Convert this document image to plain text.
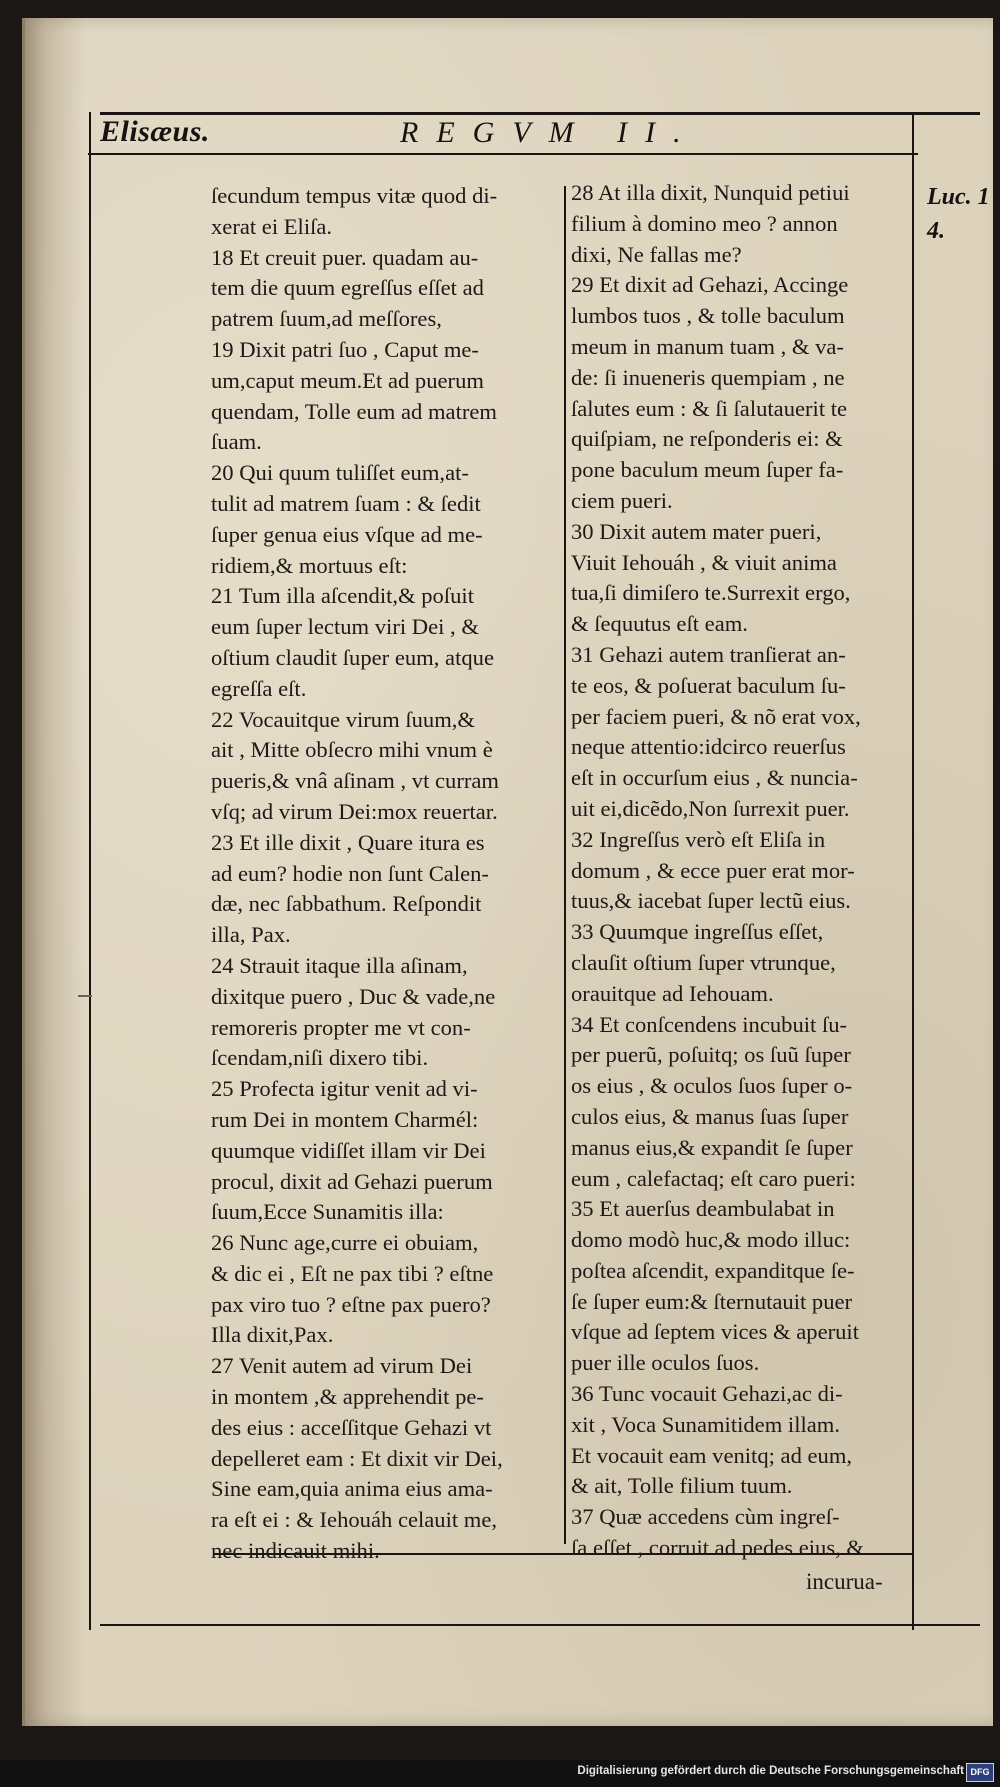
Elisæus.	REGVM II.
ſecundum tempus vitæ quod di-
xerat ei Eliſa.
18 Et creuit puer. quadam au-
tem die quum egreſſus eſſet ad
patrem ſuum,ad meſſores,
19 Dixit patri ſuo , Caput me-
um,caput meum.Et ad puerum
quendam, Tolle eum ad matrem
ſuam.
20 Qui quum tuliſſet eum,at-
tulit ad matrem ſuam : & ſedit
ſuper genua eius vſque ad me-
ridiem,& mortuus eſt:
21 Tum illa aſcendit,& poſuit
eum ſuper lectum viri Dei , &
oſtium claudit ſuper eum, atque
egreſſa eſt.
22 Vocauitque virum ſuum,&
ait , Mitte obſecro mihi vnum è
pueris,& vnâ aſinam , vt curram
vſq; ad virum Dei:mox reuertar.
23 Et ille dixit , Quare itura es
ad eum? hodie non ſunt Calen-
dæ, nec ſabbathum. Reſpondit
illa, Pax.
24 Strauit itaque illa aſinam,
dixitque puero , Duc & vade,ne
remoreris propter me vt con-
ſcendam,niſi dixero tibi.
25 Profecta igitur venit ad vi-
rum Dei in montem Charmél:
quumque vidiſſet illam vir Dei
procul, dixit ad Gehazi puerum
ſuum,Ecce Sunamitis illa:
26 Nunc age,curre ei obuiam,
& dic ei , Eſt ne pax tibi ? eſtne
pax viro tuo ? eſtne pax puero?
Illa dixit,Pax.
27 Venit autem ad virum Dei
in montem ,& apprehendit pe-
des eius : acceſſitque Gehazi vt
depelleret eam : Et dixit vir Dei,
Sine eam,quia anima eius ama-
ra eſt ei : & Iehouáh celauit me,
nec indicauit mihi.
28 At illa dixit, Nunquid petiui
filium à domino meo ? annon
dixi, Ne fallas me?
29 Et dixit ad Gehazi, Accinge
lumbos tuos , & tolle baculum
meum in manum tuam , & va-
de: ſi inueneris quempiam , ne
ſalutes eum : & ſi ſalutauerit te
quiſpiam, ne reſponderis ei: &
pone baculum meum ſuper fa-
ciem pueri.
30 Dixit autem mater pueri,
Viuit Iehouáh , & viuit anima
tua,ſi dimiſero te.Surrexit ergo,
& ſequutus eſt eam.
31 Gehazi autem tranſierat an-
te eos, & poſuerat baculum ſu-
per faciem pueri, & nõ erat vox,
neque attentio:idcirco reuerſus
eſt in occurſum eius , & nuncia-
uit ei,dicẽdo,Non ſurrexit puer.
32 Ingreſſus verò eſt Eliſa in
domum , & ecce puer erat mor-
tuus,& iacebat ſuper lectũ eius.
33 Quumque ingreſſus eſſet,
clauſit oſtium ſuper vtrunque,
orauitque ad Iehouam.
34 Et conſcendens incubuit ſu-
per puerũ, poſuitq; os ſuũ ſuper
os eius , & oculos ſuos ſuper o-
culos eius, & manus ſuas ſuper
manus eius,& expandit ſe ſuper
eum , calefactaq; eſt caro pueri:
35 Et auerſus deambulabat in
domo modò huc,& modo illuc:
poſtea aſcendit, expanditque ſe-
ſe ſuper eum:& ſternutauit puer
vſque ad ſeptem vices & aperuit
puer ille oculos ſuos.
36 Tunc vocauit Gehazi,ac di-
xit , Voca Sunamitidem illam.
Et vocauit eam venitq; ad eum,
& ait, Tolle filium tuum.
37 Quæ accedens cùm ingreſ-
ſa eſſet , corruit ad pedes eius, &
Luc. 1
4.
incurua-
Digitalisierung gefördert durch die Deutsche Forschungsgemeinschaft DFG
